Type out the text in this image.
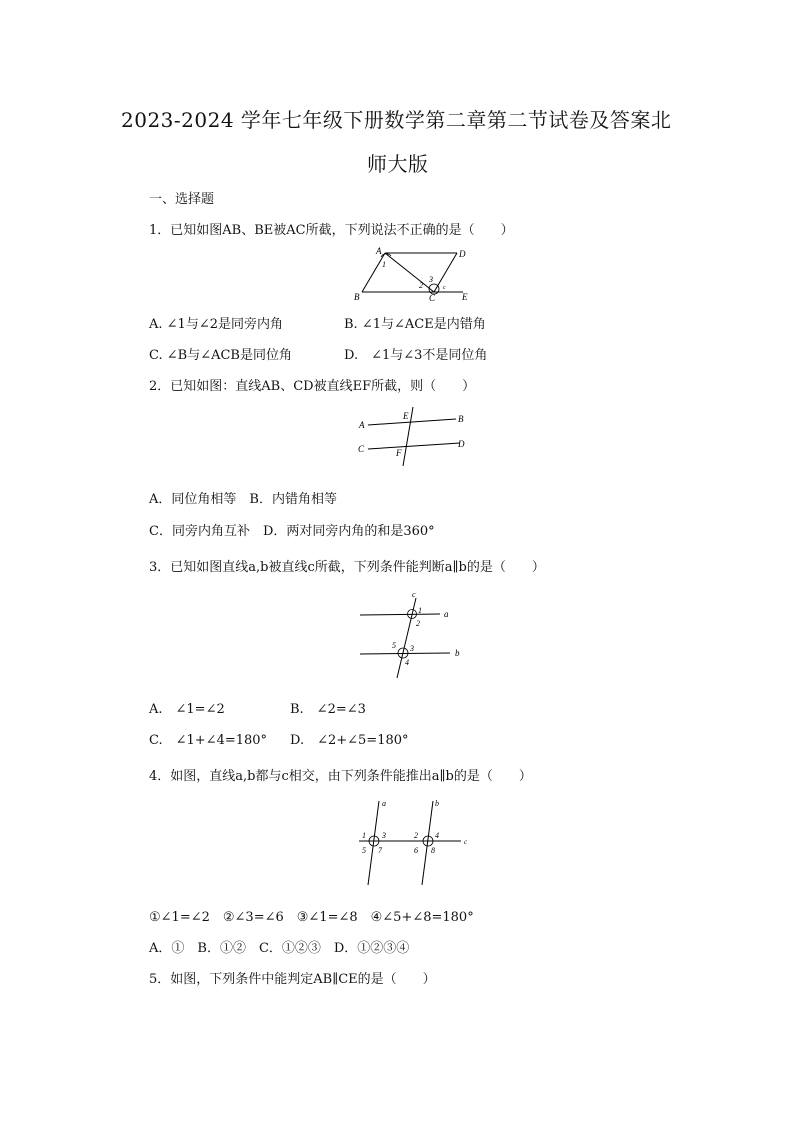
2023-2024 学年七年级下册数学第二章第二节试卷及答案北
师大版
一、选择题
1．已知如图AB、BE被AC所截，下列说法不正确的是（　　）
A	D
B	C	E
1
2
3
c
A. ∠1与∠2是同旁内角	B. ∠1与∠ACE是内错角
C. ∠B与∠ACB是同位角	D.　∠1与∠3不是同位角
2．已知如图：直线AB、CD被直线EF所截，则（　　）
A
B
C	D
E
F
A．同位角相等　B．内错角相等
C．同旁内角互补　D．两对同旁内角的和是360°
3．已知如图直线a,b被直线c所截，下列条件能判断a∥b的是（　　）
c
a
b
1
2
3
4
5
A.　∠1=∠2	B.　∠2=∠3
C.　∠1+∠4=180° D.　∠2+∠5=180°
4．如图，直线a,b都与c相交，由下列条件能推出a∥b的是（　　）
a	b
c
1	2
3	4
5	6
7	8
①∠1=∠2　②∠3=∠6　③∠1=∠8　④∠5+∠8=180°
A．①　B．①②　C．①②③　D．①②③④
5．如图，下列条件中能判定AB∥CE的是（　　）
